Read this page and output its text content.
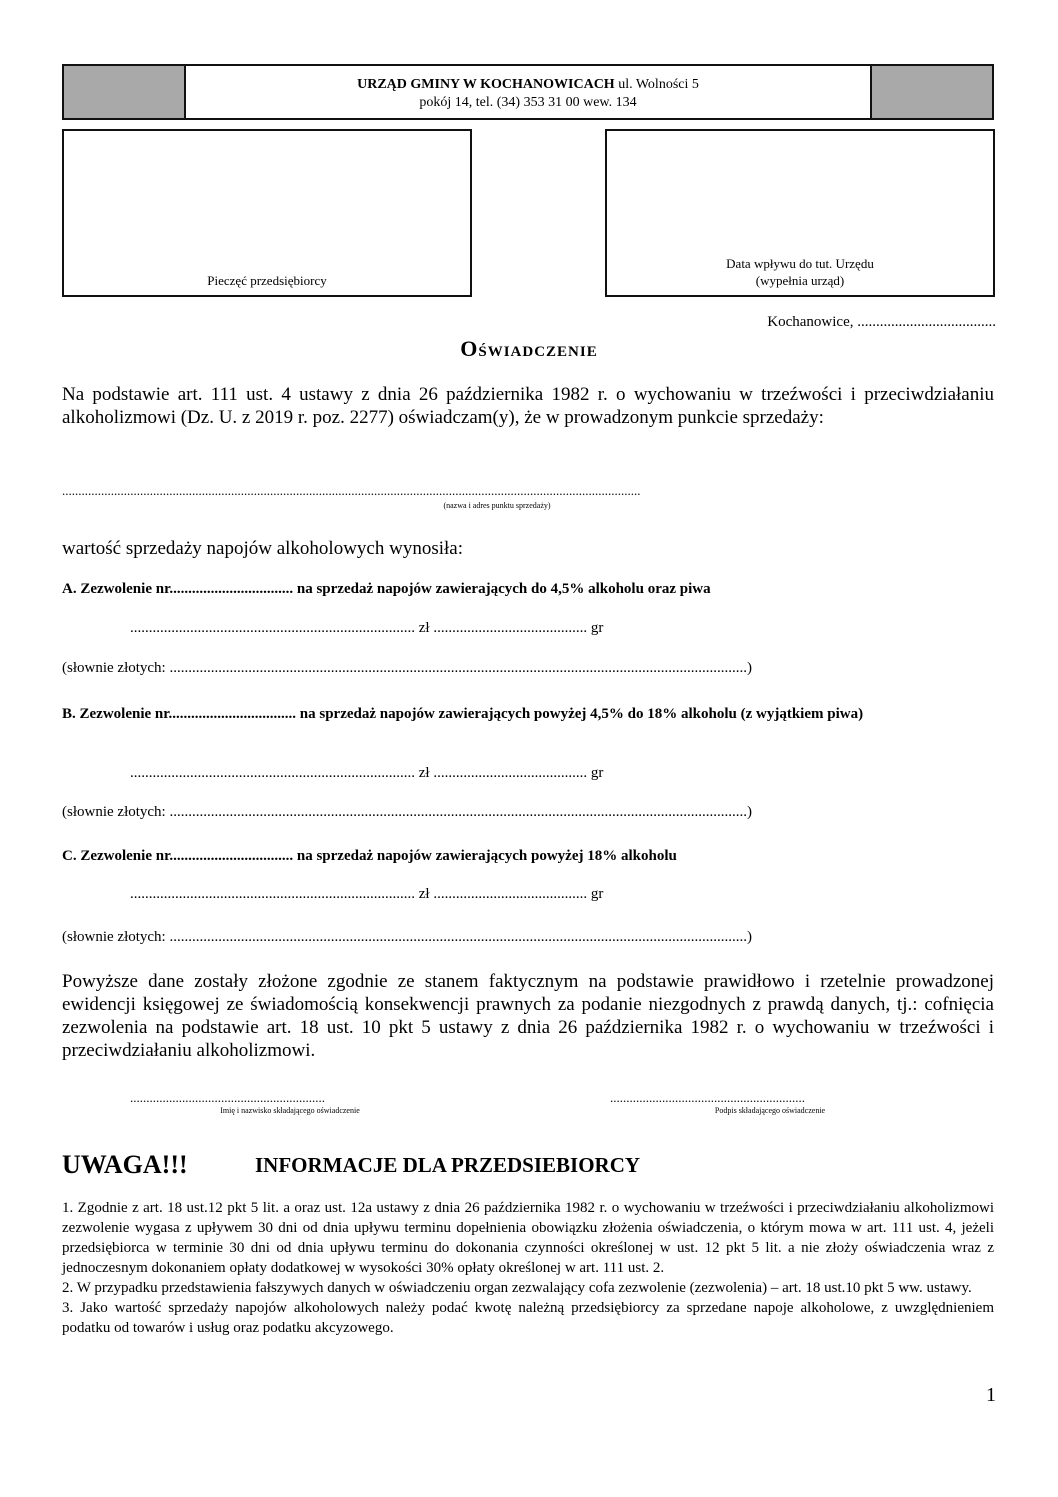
URZĄD GMINY W KOCHANOWICACH ul. Wolności 5
pokój 14, tel. (34) 353 31 00 wew. 134
Pieczęć przedsiębiorcy
Data wpływu do tut. Urzędu
(wypełnia urząd)
Kochanowice, .....................................
Oświadczenie
Na podstawie art. 111 ust. 4 ustawy z dnia 26 października 1982 r. o wychowaniu w trzeźwości i przeciwdziałaniu alkoholizmowi (Dz. U. z 2019 r. poz. 2277) oświadczam(y), że w prowadzonym punkcie sprzedaży:
..................................................................................................................................................................................
(nazwa i adres punktu sprzedaży)
wartość sprzedaży napojów alkoholowych wynosiła:
A. Zezwolenie nr................................. na sprzedaż napojów zawierających do 4,5% alkoholu oraz piwa
............................................................................ zł ......................................... gr
(słownie złotych: ..........................................................................................................................................................)
B. Zezwolenie nr.................................. na sprzedaż napojów zawierających powyżej 4,5% do 18% alkoholu (z wyjątkiem piwa)
............................................................................ zł ......................................... gr
(słownie złotych: ..........................................................................................................................................................)
C. Zezwolenie nr................................. na sprzedaż napojów zawierających powyżej 18% alkoholu
............................................................................ zł ......................................... gr
(słownie złotych: ..........................................................................................................................................................)
Powyższe dane zostały złożone zgodnie ze stanem faktycznym na podstawie prawidłowo i rzetelnie prowadzonej ewidencji księgowej ze świadomością konsekwencji prawnych za podanie niezgodnych z prawdą danych, tj.: cofnięcia zezwolenia na podstawie art. 18 ust. 10 pkt 5 ustawy z dnia 26 października 1982 r. o wychowaniu w trzeźwości i przeciwdziałaniu alkoholizmowi.
............................................................
Imię i nazwisko składającego oświadczenie
............................................................
Podpis składającego oświadczenie
UWAGA!!!	INFORMACJE DLA PRZEDSIEBIORCY

1. Zgodnie z art. 18 ust.12 pkt 5 lit. a oraz ust. 12a ustawy z dnia 26 października 1982 r. o wychowaniu w trzeźwości i przeciwdziałaniu alkoholizmowi zezwolenie wygasa z upływem 30 dni od dnia upływu terminu dopełnienia obowiązku złożenia oświadczenia, o którym mowa w art. 111 ust. 4, jeżeli przedsiębiorca w terminie 30 dni od dnia upływu terminu do dokonania czynności określonej w ust. 12 pkt 5 lit. a nie złoży oświadczenia wraz z jednoczesnym dokonaniem opłaty dodatkowej w wysokości 30% opłaty określonej w art. 111 ust. 2.

2. W przypadku przedstawienia fałszywych danych w oświadczeniu organ zezwalający cofa zezwolenie (zezwolenia) – art. 18 ust.10 pkt 5 ww. ustawy.

3. Jako wartość sprzedaży napojów alkoholowych należy podać kwotę należną przedsiębiorcy za sprzedane napoje alkoholowe, z uwzględnieniem podatku od towarów i usług oraz podatku akcyzowego.

1
